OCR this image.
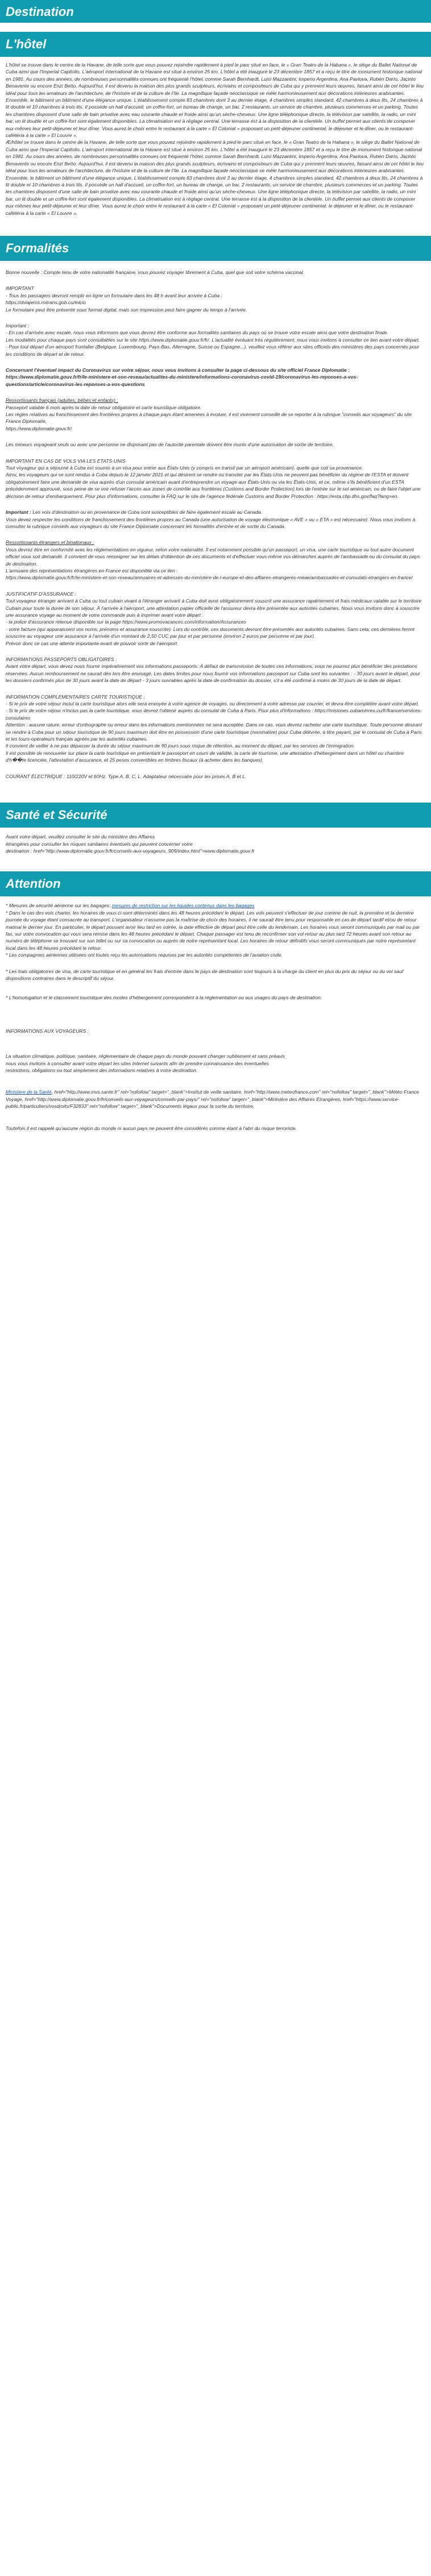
Destination
L'hôtel

L'hôtel se trouve dans le centre de la Havane, de telle sorte que vous pouvez rejoindre rapidement à pied le parc situé en face, le « Gran Teatro de la Habana », le siège du Ballet National de Cuba ainsi que l'Imperial Capitolio. L'aéroport international de la Havane est situé à environ 25 km. L'hôtel a été inauguré le 23 décembre 1857 et a reçu le titre de monument historique national en 1981. Au cours des années, de nombreuses personnalités connues ont fréquenté l'hôtel, comme Sarah Bernhardt, Luisi Mazzantini, Imperio Argentina, Ana Pavlova, Rubén Darío, Jacinto Benavente ou encore Enzi Betto. Aujourd'hui, il est devenu la maison des plus grands sculpteurs, écrivains et compositeurs de Cuba qui y prennent leurs œuvres, faisant ainsi de cet hôtel le lieu idéal pour tous les amateurs de l'architecture, de l'histoire et de la culture de l'île. La magnifique façade néoclassique se mêle harmonieusement aux décorations intérieures arabisantes. Ensemble, le bâtiment un bâtiment d'une élégance unique. L'établissement compte 83 chambres dont 3 au dernier étage, 4 chambres simples standard, 42 chambres à deux lits, 24 chambres à lit double et 10 chambres à trois lits. Il possède un hall d'accueil, un coffre-fort, un bureau de change, un bar, 2 restaurants, un service de chambre, plusieurs commerces et un parking. Toutes les chambres disposent d'une salle de bain privative avec eau courante chaude et froide ainsi qu'un sèche-cheveux. Une ligne téléphonique directe, la télévision par satellite, la radio, un mini bar, un lit double et un coffre-fort sont également disponibles. La climatisation est à réglage central. Une terrasse est à la disposition de la clientèle. Un buffet permet aux clients de composer eux-mêmes leur petit-déjeuner et leur dîner. Vous aurez le choix entre le restaurant à la carte « El Colonial » proposant un petit-déjeuner continental, le déjeuner et le dîner, ou le restaurant-cafétéria à la carte « El Louvre ».

Æ/hôtel se trouve dans le centre de la Havane, de telle sorte que vous pouvez rejoindre rapidement à pied le parc situé en face, le « Gran Teatro de la Habana », le siège du Ballet National de Cuba ainsi que l'Imperial Capitolio. L'aéroport international de la Havane est situé à environ 25 km. L'hôtel a été inauguré le 23 décembre 1857 et a reçu le titre de monument historique national en 1981. Au cours des années, de nombreuses personnalités connues ont fréquenté l'hôtel, comme Sarah Bernhardt, Luisi Mazzantini, Imperio Argentina, Ana Pavlova, Rubén Darío, Jacinto Benavente ou encore Enzi Betto. Aujourd'hui, il est devenu la maison des plus grands sculpteurs, écrivains et compositeurs de Cuba qui y prennent leurs œuvres, faisant ainsi de cet hôtel le lieu idéal pour tous les amateurs de l'architecture, de l'histoire et de la culture de l'île. La magnifique façade néoclassique se mêle harmonieusement aux décorations intérieures arabisantes. Ensemble, le bâtiment un bâtiment d'une élégance unique. L'établissement compte 83 chambres dont 3 au dernier étage, 4 chambres simples standard, 42 chambres à deux lits, 24 chambres à lit double et 10 chambres à trois lits. Il possède un hall d'accueil, un coffre-fort, un bureau de change, un bar, 2 restaurants, un service de chambre, plusieurs commerces et un parking. Toutes les chambres disposent d'une salle de bain privative avec eau courante chaude et froide ainsi qu'un sèche-cheveux. Une ligne téléphonique directe, la télévision par satellite, la radio, un mini bar, un lit double et un coffre-fort sont également disponibles. La climatisation est à réglage central. Une terrasse est à la disposition de la clientèle. Un buffet permet aux clients de composer eux-mêmes leur petit-déjeuner et leur dîner. Vous aurez le choix entre le restaurant à la carte « El Colonial » proposant un petit-déjeuner continental, le déjeuner et le dîner, ou le restaurant-cafétéria à la carte « El Louvre ».

Formalités

Bonne nouvelle : Compte tenu de votre nationalité française, vous pouvez voyager librement à Cuba, quel que soit votre schéma vaccinal.

IMPORTANT

- Tous les passagers devront remplir en ligne un formulaire dans les 48 h avant leur arrivée à Cuba :

https://dviajeros.mitrans.gob.cu/inicio

Le formulaire peut être présenté sous format digital, mais son impression peut faire gagner du temps à l'arrivée.

Important :

- En cas d'arrivée avec escale, nous vous informons que vous devrez être conforme aux formalités sanitaires du pays où se trouve votre escale ainsi que votre destination finale.

Les modalités pour chaque pays sont consultables sur le site https://www.diplomatie.gouv.fr/fr/. L'actualité évoluant très régulièrement, nous vous invitons à consulter ce lien avant votre départ.

- Pour tout départ d'un aéroport frontalier (Belgique, Luxembourg, Pays-Bas, Allemagne, Suisse ou Espagne...), veuillez vous référer aux sites officiels des ministères des pays concernés pour les conditions de départ et de retour.

Concernant l'éventuel impact du Coronavirus sur votre séjour, nous vous invitons à consulter la page ci-dessous du site officiel France Diplomatie :

https://www.diplomatie.gouv.fr/fr/le-ministere-et-son-reseau/actualites-du-ministere/informations-coronavirus-covid-19/coronavirus-les-reponses-a-vos-questions/article/coronavirus-les-reponses-a-vos-questions

Ressortissants français (adultes, bébés et enfants) :

Passeport valable 6 mois après la date de retour obligatoire et carte touristique obligatoire.

Les règles relatives au franchissement des frontières propres à chaque pays étant amenées à évoluer, il est vivement conseillé de se reporter à la rubrique "conseils aux voyageurs" du site France Diplomatie,

https://www.diplomatie.gouv.fr/.

Les mineurs voyageant seuls ou avec une personne ne disposant pas de l'autorité parentale doivent être munis d'une autorisation de sortie de territoire.

IMPORTANT EN CAS DE VOLS VIA LES ETATS-UNIS

Tout voyageur qui a séjourné à Cuba est soumis à un visa pour entrer aux États-Unis (y compris en transit par un aéroport américain), quelle que soit sa provenance.

Ainsi, les voyageurs qui se sont rendus à Cuba depuis le 12 janvier 2021 et qui désirent se rendre ou transiter par les États-Unis ne peuvent pas bénéficier du régime de l'ESTA et doivent obligatoirement faire une demande de visa auprès d'un consulat américain avant d'entreprendre un voyage aux États-Unis ou via les États-Unis, et ce, même s'ils bénéficient d'un ESTA précédemment approuvé, sous peine de se voir refuser l'accès aux zones de contrôle aux frontières (Customs and Border Protection) lors de l'entrée sur le sol américain, ou de faire l'objet une décision de retour d'embarquement. Pour plus d'informations, consulter la FAQ sur le site de l'agence fédérale Customs and Border Protection : https://esta.cbp.dhs.gov/faq?lang=en.

Important : Les voix d'destination ou en provenance de Cuba sont susceptibles de faire également escale au Canada.

Vous devez respecter les conditions de franchissement des frontières propres au Canada (une autorisation de voyage électronique « AVE » ou « ETA » est nécessaire). Nous vous invitons à consulter la rubrique conseils aux voyageurs du site France Diplomatie concernant les formalités d'entrée et de sortie du Canada.

Ressortissants étrangers et binationaux :

Vous devrez être en conformité avec les réglementations en vigueur, selon votre nationalité. Il est notamment possible qu'un passeport, un visa, une carte touristique ou tout autre document officiel vous soit demandé. Il convient de vous renseigner sur les délais d'obtention de ces documents et d'effectuer vous-même vos démarches auprès de l'ambassade ou du consulat du pays de destination.

L'annuaire des représentations étrangères en France est disponible via ce lien :

https://www.diplomatie.gouv.fr/fr/le-ministere-et-son-reseau/annuaires-et-adresses-du-ministere-de-l-europe-et-des-affaires-etrangeres-meae/ambassades-et-consulats-etrangers-en-france/

JUSTIFICATIF D'ASSURANCE :

Tout voyageur étranger arrivant à Cuba ou tout cubain vivant à l'étranger arrivant à Cuba doit avoir obligatoirement souscrit une assurance rapatriement et frais médicaux valable sur le territoire Cubain pour toute la durée de son séjour. À l'arrivée à l'aéroport, une attestation papier officielle de l'assureur devra être présentée aux autorités cubaines. Nous vous invitons donc à souscrire une assurance voyage au moment de votre commande puis à imprimer avant votre départ :

- la police d'assurance retenue disponible sur la page https://www.promovacances.com/information/Assurances

- votre facture (qui apparaissent vos noms, prénoms et assurance souscrite). Lors du contrôle, ces documents devront être présentés aux autorités cubaines. Sans cela, ces dernières feront souscrire au voyageur une assurance à l'arrivée d'un montant de 2,50 CUC par jour et par personne (environ 2 euros par personne et par jour).

Prévoir donc ce cas une attente importante avant de pouvoir sortir de l'aéroport.

INFORMATIONS PASSEPORTS OBLIGATOIRES :

Avant votre départ, vous devez nous fournir impérativement vos informations passeports. À défaut de transmission de toutes ces informations, vous ne pourrez plus bénéficier des prestations réservées. Aucun remboursement ne saurait dès lors être envisagé. Les dates limites pour nous fournir vos informations passeport sur Cuba sont les suivantes : - 30 jours avant le départ, pour les dossiers confirmés plus de 30 jours avant la date de départ - 3 jours ouvrables après la date de confirmation du dossier, s'il a été confirmé à moins de 30 jours de la date de départ.

INFORMATION COMPLEMENTAIRES CARTE TOURISTIQUE :

- Si le prix de votre séjour inclut la carte touristique alors elle sera envoyée à votre agence de voyages, ou directement à votre adresse par courrier, et devra être complétée avant votre départ.

- Si le prix de votre séjour n'inclus pas la carte touristique, vous devrez l'obtenir auprès du consulat de Cuba à Paris. Pour plus d'informations : https://misiones.cubaminrex.cu/fr/france/services-consulaires

Attention : aucune rature, erreur d'orthographe ou erreur dans les informations mentionnées ne sera acceptée. Dans ce cas, vous devrez racheter une carte touristique. Toute personne désirant se rendre à Cuba pour un séjour touristique de 90 jours maximum doit être en possession d'une carte touristique (nominative) pour Cuba délivrée, à titre payant, par le consulat de Cuba à Paris et les tours-opérateurs français agréés par les autorités cubaines.

Il convient de veiller à ne pas dépasser la durée du séjour maximum de 90 jours sous risque de rétention, au moment du départ, par les services de l'immigration.

Il est possible de renouveler sur place la carte touristique en présentant le passeport en cours de validité, la carte de tourisme, une attestation d'hébergement dans un hôtel ou chambre d'h��te licenciée, l'attestation d'assurance, et 25 pesos convertibles en timbres fiscaux (à acheter dans les banques).

COURANT ÉLECTRIQUE : 110/220V et 60Hz. Type A, B, C, L. Adaptateur nécessaire pour les prises A, B et L.

Santé et Sécurité

Avant votre départ, veuillez consulter le site du ministère des Affaires

étrangères pour consulter les risques sanitaires éventuels qui peuvent concerner votre

destination : href="http://www.diplomatie.gouv.fr/fr/conseils-aux-voyageurs_909/index.html">www.diplomatie.gouv.fr

Attention

* Mesures de sécurité aérienne sur les bagages: mesures de restriction sur les liquides contenus dans les bagages

* Dans le cas des vols charter, les horaires de vous ci-sont déterminés dans les 48 heures précédant le départ. Les vols peuvent s'effectuer de jour comme de nuit, la première et la dernière journée du voyage étant consacrée au transport. L'organisateur n'assume pas la maîtrise de choix des horaires, il ne saurait être tenu pour responsable en cas de départ tardif et/ou de retour matinal le dernier jour. En particulier, le départ pouvant avoir lieu tard en soirée, la date effective de départ peut être celle du lendemain. Les horaires vous seront communiqués par mail ou par fax, sur votre convocation qui vous sera remise dans les 48 heures précédant le départ. Chaque passager est tenu de reconfirmer son vol retour au plus tard 72 heures avant son retour au numéro de téléphone se trouvant sur son billet ou sur sa convocation ou auprès de notre représentant local. Les horaires de retour définitifs vous seront communiqués par notre représentant local dans les 48 heures précédant le retour.

* Les compagnies aériennes utilisées ont toutes reçu les autorisations requises par les autorités compétentes de l'aviation civile.

* Les trais obligatoires de visa, de carte touristique et en général les frais d'entrée dans le pays de destination sont toujours à la charge du client en plus du prix du séjour ou du vol sauf dispositions contraires dans le descriptif du séjour.

* L'homologation et le classement touristique des modes d'hébergement correspondent à la réglementation ou aux usages du pays de destination.

INFORMATIONS AUX VOYAGEURS :

La situation climatique, politique, sanitaire, réglementaire de chaque pays du monde pouvant changer subitement et sans préavis

nous vous invitons à consulter avant votre départ les sites Internet suivants afin de prendre connaissance des éventuelles

restrictions, obligations ou tout simplement des informations relatives à votre destination.

Ministère de la Santé, href="http://www.invs.sante.fr" rel="nofollow" target="_blank">Institut de veille sanitaire, href="http://www.meteofrance.com" rel="nofollow" target="_blank">Météo France Voyage, href="http://www.diplomatie.gouv.fr/fr/conseils-aux-voyageurs/conseils-par-pays/" rel="nofollow" target="_blank">Ministère des Affaires Étrangères, href="https://www.service-public.fr/particuliers/vosdroits/F32833" rel="nofollow" target="_blank">Documents légaux pour la sortie du territoire.

Toutefois il est rappelé qu'aucune région du monde ni aucun pays ne peuvent être considérés comme étant à l'abri du risque terroriste.
